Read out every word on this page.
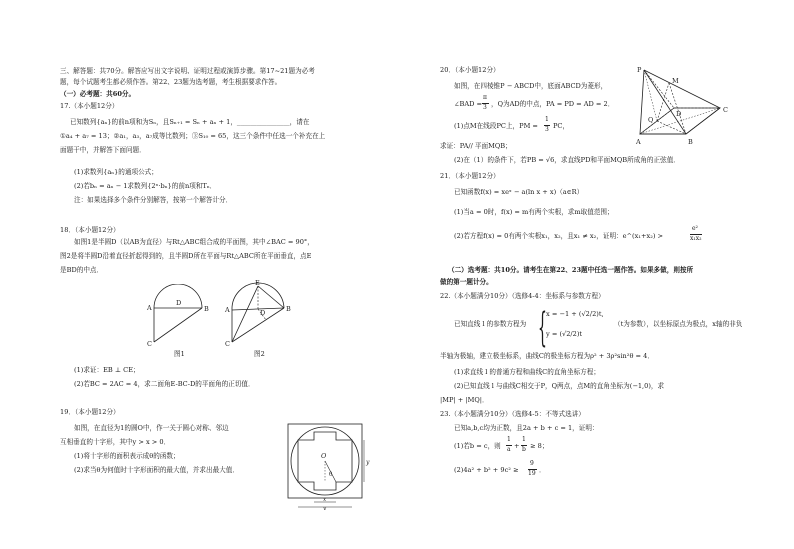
三、解答题：共70分。解答应写出文字说明、证明过程或演算步骤。第17~21题为必考
题，每个试题考生都必须作答。第22、23题为选考题，考生根据要求作答。
（一）必考题：共60分。
17.（本小题12分）
已知数列{aₙ}的前n项和为Sₙ，且Sₙ₊₁ = Sₙ + aₙ + 1，________________，请在
①a₄ + a₇ = 13；②a₁，a₃，a₇成等比数列；③S₁₀ = 65，这三个条件中任选一个补充在上
面题干中，并解答下面问题．
(1)求数列{aₙ}的通项公式；
(2)若bₙ = aₙ − 1求数列{2ⁿ·bₙ}的前n项和Tₙ．
注：如果选择多个条件分别解答，按第一个解答计分．
18．（本小题12分）
如图1是半圆D（以AB为直径）与Rt△ABC组合成的平面图，其中∠BAC = 90°，
图2是将半圆D沿着直径折起得到的，且半圆D所在平面与Rt△ABC所在平面垂直，点E
是BD的中点．
A	B
C
D
图1
A	B
C
D
E
图2
(1)求证：EB ⊥ CE；
(2)若BC = 2AC = 4，求二面角E-BC-D的平面角的正切值．
19．（本小题12分）
如图，在直径为1的圆O中，作一关于圆心对称、邻边
互相垂直的十字形，其中y > x > 0．
(1)将十字形的面积表示成θ的函数；
(2)求当θ为何值时十字形面积的最大值，并求出最大值．
O
θ
x
y
y
20．（本小题12分）
如图，在四棱锥P − ABCD中，底面ABCD为菱形，
∠BAD =
π
3 ，Q为AD的中点，PA = PD = AD = 2．
(1)点M在线段PC上，PM =
1
3 PC，
求证：PA// 平面MQB；
(2)在（1）的条件下，若PB = √6，求直线PD和平面MQB所成角的正弦值．
P
M
Q
D	C
A	B
21．（本小题12分）
已知函数f(x) = xeˣ − a(ln x + x)（a∈R）
(1)当a = 0时，f(x) = m有两个实根，求m取值范围；
(2)若方程f(x) = 0有两个实根x₁，x₂，且x₁ ≠ x₂，证明：e^(x₁+x₂) >
e²
x₁x₂
（二）选考题：共10分。请考生在第22、23题中任选一题作答。如果多做，则按所
做的第一题计分。
22.（本小题满分10分）（选修4-4：坐标系与参数方程）
已知直线 l 的参数方程为 { x = −1 + (√2/2)t,
y = (√2/2)t
（t为参数），以坐标原点为极点，x轴的非负
半轴为极轴，建立极坐标系，曲线C的极坐标方程为ρ² + 3ρ²sin²θ = 4．
(1)求直线 l 的普通方程和曲线C的直角坐标方程；
(2)已知直线 l 与曲线C相交于P，Q两点，点M的直角坐标为(−1,0)，求
|MP| + |MQ|．
23.（本小题满分10分）（选修4-5：不等式选讲）
已知a,b,c均为正数，且2a + b + c = 1，证明：
(1)若b = c，则
1
a +
1
b ≥ 8；
(2)4a² + b² + 9c² ≥
9
19 ．
